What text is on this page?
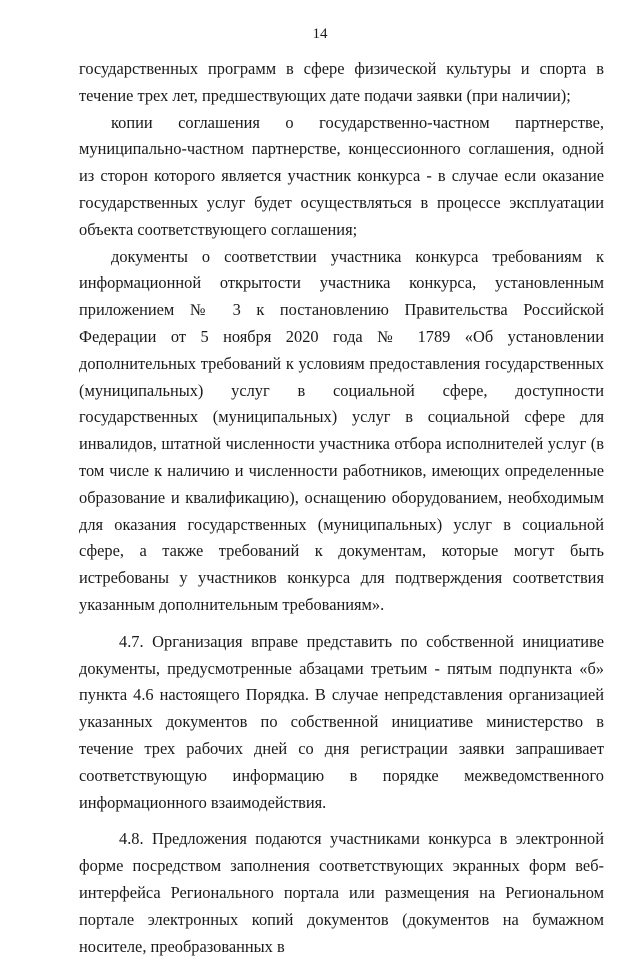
14

государственных программ в сфере физической культуры и спорта в течение трех лет, предшествующих дате подачи заявки (при наличии);

копии соглашения о государственно-частном партнерстве, муниципально-частном партнерстве, концессионного соглашения, одной из сторон которого является участник конкурса - в случае если оказание государственных услуг будет осуществляться в процессе эксплуатации объекта соответствующего соглашения;

документы о соответствии участника конкурса требованиям к информационной открытости участника конкурса, установленным приложением № 3 к постановлению Правительства Российской Федерации от 5 ноября 2020 года № 1789 «Об установлении дополнительных требований к условиям предоставления государственных (муниципальных) услуг в социальной сфере, доступности государственных (муниципальных) услуг в социальной сфере для инвалидов, штатной численности участника отбора исполнителей услуг (в том числе к наличию и численности работников, имеющих определенные образование и квалификацию), оснащению оборудованием, необходимым для оказания государственных (муниципальных) услуг в социальной сфере, а также требований к документам, которые могут быть истребованы у участников конкурса для подтверждения соответствия указанным дополнительным требованиям».

4.7. Организация вправе представить по собственной инициативе документы, предусмотренные абзацами третьим - пятым подпункта «б» пункта 4.6 настоящего Порядка. В случае непредставления организацией указанных документов по собственной инициативе министерство в течение трех рабочих дней со дня регистрации заявки запрашивает соответствующую информацию в порядке межведомственного информационного взаимодействия.

4.8. Предложения подаются участниками конкурса в электронной форме посредством заполнения соответствующих экранных форм веб-интерфейса Регионального портала или размещения на Региональном портале электронных копий документов (документов на бумажном носителе, преобразованных в
